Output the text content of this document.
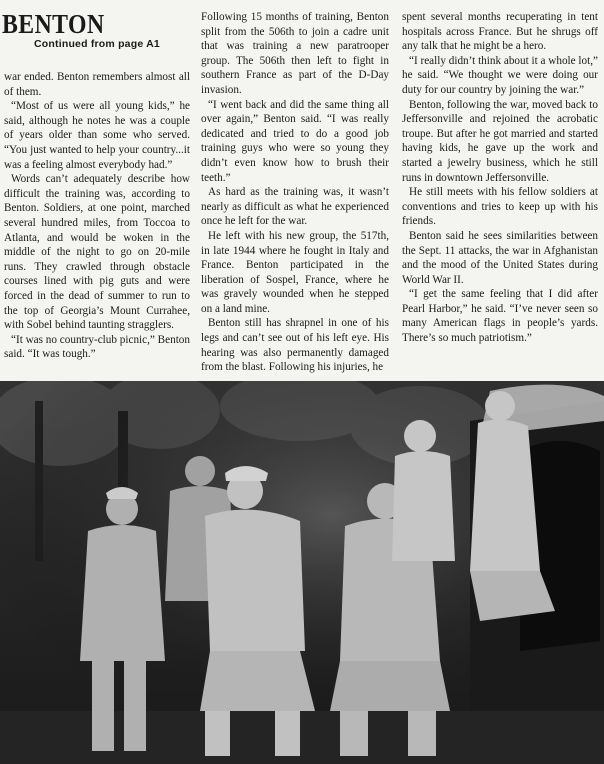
BENTON
Continued from page A1

war ended. Benton remembers almost all of them.

“Most of us were all young kids,” he said, although he notes he was a couple of years older than some who served. “You just wanted to help your country...it was a feeling almost everybody had.”

Words can’t adequately describe how difficult the training was, according to Benton. Soldiers, at one point, marched several hundred miles, from Toccoa to Atlanta, and would be woken in the middle of the night to go on 20-mile runs. They crawled through obstacle courses lined with pig guts and were forced in the dead of summer to run to the top of Georgia’s Mount Currahee, with Sobel behind taunting stragglers.

“It was no country-club picnic,” Benton said. “It was tough.”

Following 15 months of training, Benton split from the 506th to join a cadre unit that was training a new paratrooper group. The 506th then left to fight in southern France as part of the D-Day invasion.

“I went back and did the same thing all over again,” Benton said. “I was really dedicated and tried to do a good job training guys who were so young they didn’t even know how to brush their teeth.”

As hard as the training was, it wasn’t nearly as difficult as what he experienced once he left for the war.

He left with his new group, the 517th, in late 1944 where he fought in Italy and France. Benton participated in the liberation of Sospel, France, where he was gravely wounded when he stepped on a land mine.

Benton still has shrapnel in one of his legs and can’t see out of his left eye. His hearing was also permanently damaged from the blast. Following his injuries, he

spent several months recuperating in tent hospitals across France. But he shrugs off any talk that he might be a hero.

“I really didn’t think about it a whole lot,” he said. “We thought we were doing our duty for our country by joining the war.”

Benton, following the war, moved back to Jeffersonville and rejoined the acrobatic troupe. But after he got married and started having kids, he gave up the work and started a jewelry business, which he still runs in downtown Jeffersonville.

He still meets with his fellow soldiers at conventions and tries to keep up with his friends.

Benton said he sees similarities between the Sept. 11 attacks, the war in Afghanistan and the mood of the United States during World War II.

“I get the same feeling that I did after Pearl Harbor,” he said. “I’ve never seen so many American flags in people’s yards. There’s so much patriotism.”
